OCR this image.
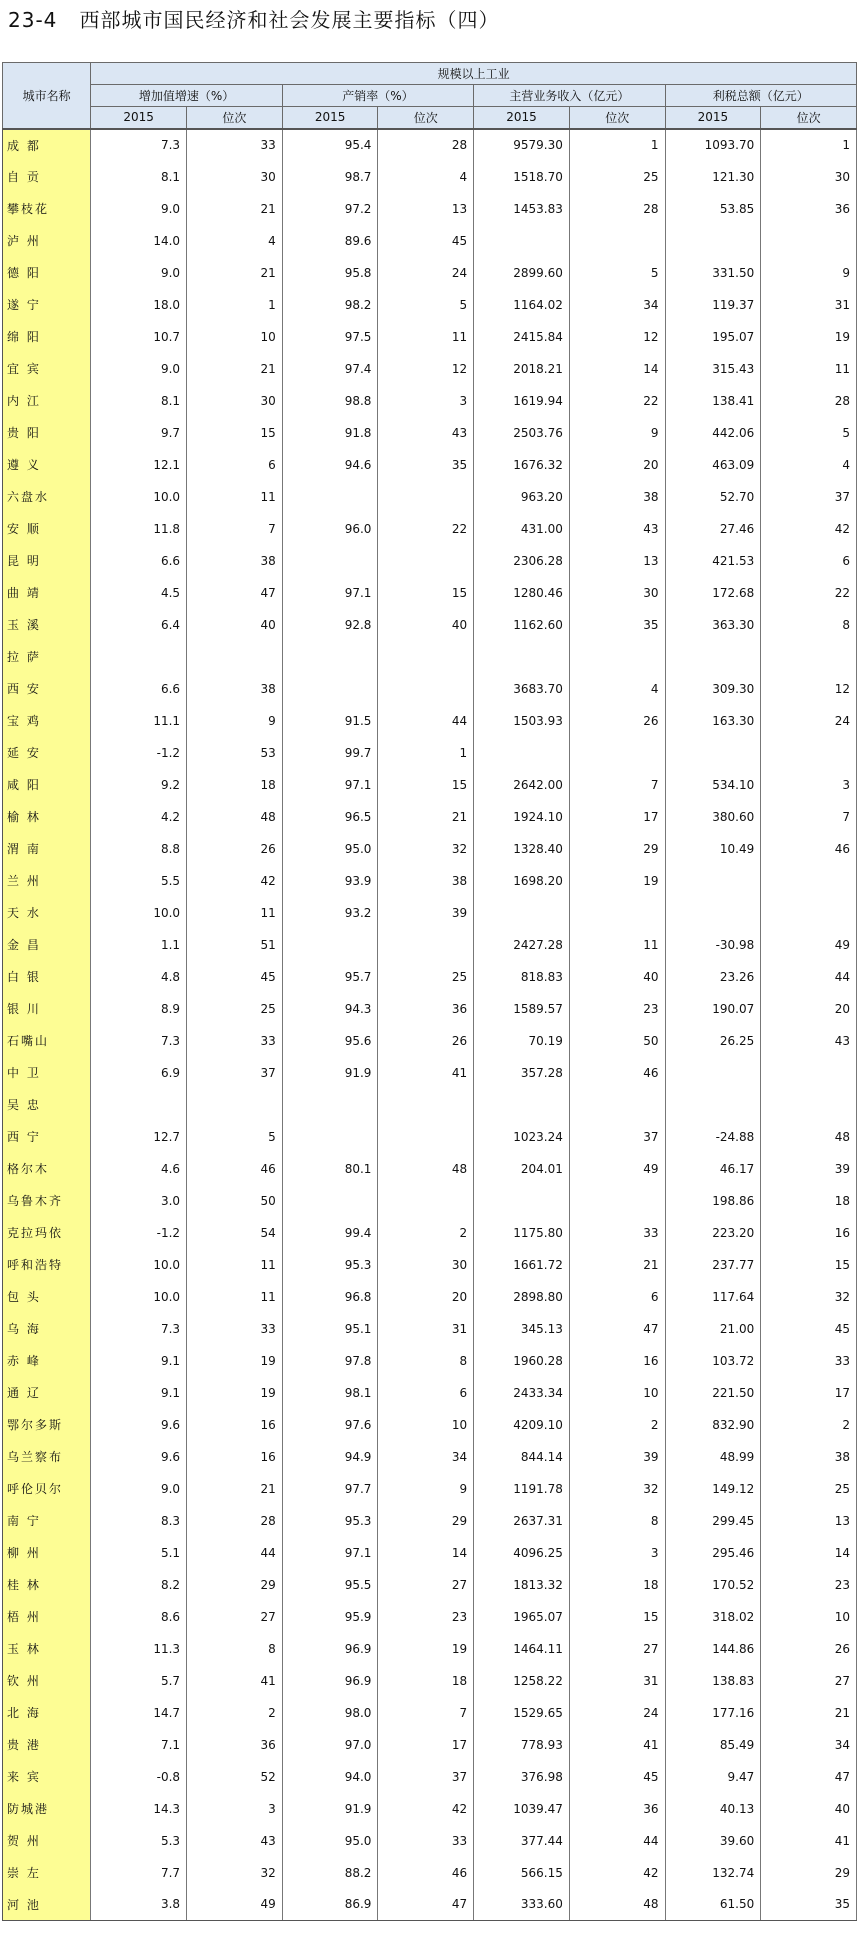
23-4   西部城市国民经济和社会发展主要指标（四）
城市名称	规模以上工业							
	增加值增速（%）		产销率（%）		主营业务收入（亿元）		利税总额（亿元）	
	2015	位次	2015	位次	2015	位次	2015	位次
成 都	7.3	33	95.4	28	9579.30	1	1093.70	1
自 贡	8.1	30	98.7	4	1518.70	25	121.30	30
攀枝花	9.0	21	97.2	13	1453.83	28	53.85	36
泸 州	14.0	4	89.6	45				
德 阳	9.0	21	95.8	24	2899.60	5	331.50	9
遂 宁	18.0	1	98.2	5	1164.02	34	119.37	31
绵 阳	10.7	10	97.5	11	2415.84	12	195.07	19
宜 宾	9.0	21	97.4	12	2018.21	14	315.43	11
内 江	8.1	30	98.8	3	1619.94	22	138.41	28
贵 阳	9.7	15	91.8	43	2503.76	9	442.06	5
遵 义	12.1	6	94.6	35	1676.32	20	463.09	4
六盘水	10.0	11			963.20	38	52.70	37
安 顺	11.8	7	96.0	22	431.00	43	27.46	42
昆 明	6.6	38			2306.28	13	421.53	6
曲 靖	4.5	47	97.1	15	1280.46	30	172.68	22
玉 溪	6.4	40	92.8	40	1162.60	35	363.30	8
拉 萨								
西 安	6.6	38			3683.70	4	309.30	12
宝 鸡	11.1	9	91.5	44	1503.93	26	163.30	24
延 安	-1.2	53	99.7	1				
咸 阳	9.2	18	97.1	15	2642.00	7	534.10	3
榆 林	4.2	48	96.5	21	1924.10	17	380.60	7
渭 南	8.8	26	95.0	32	1328.40	29	10.49	46
兰 州	5.5	42	93.9	38	1698.20	19		
天 水	10.0	11	93.2	39				
金 昌	1.1	51			2427.28	11	-30.98	49
白 银	4.8	45	95.7	25	818.83	40	23.26	44
银 川	8.9	25	94.3	36	1589.57	23	190.07	20
石嘴山	7.3	33	95.6	26	70.19	50	26.25	43
中 卫	6.9	37	91.9	41	357.28	46		
吴 忠								
西 宁	12.7	5			1023.24	37	-24.88	48
格尔木	4.6	46	80.1	48	204.01	49	46.17	39
乌鲁木齐	3.0	50					198.86	18
克拉玛依	-1.2	54	99.4	2	1175.80	33	223.20	16
呼和浩特	10.0	11	95.3	30	1661.72	21	237.77	15
包 头	10.0	11	96.8	20	2898.80	6	117.64	32
乌 海	7.3	33	95.1	31	345.13	47	21.00	45
赤 峰	9.1	19	97.8	8	1960.28	16	103.72	33
通 辽	9.1	19	98.1	6	2433.34	10	221.50	17
鄂尔多斯	9.6	16	97.6	10	4209.10	2	832.90	2
乌兰察布	9.6	16	94.9	34	844.14	39	48.99	38
呼伦贝尔	9.0	21	97.7	9	1191.78	32	149.12	25
南 宁	8.3	28	95.3	29	2637.31	8	299.45	13
柳 州	5.1	44	97.1	14	4096.25	3	295.46	14
桂 林	8.2	29	95.5	27	1813.32	18	170.52	23
梧 州	8.6	27	95.9	23	1965.07	15	318.02	10
玉 林	11.3	8	96.9	19	1464.11	27	144.86	26
钦 州	5.7	41	96.9	18	1258.22	31	138.83	27
北 海	14.7	2	98.0	7	1529.65	24	177.16	21
贵 港	7.1	36	97.0	17	778.93	41	85.49	34
来 宾	-0.8	52	94.0	37	376.98	45	9.47	47
防城港	14.3	3	91.9	42	1039.47	36	40.13	40
贺 州	5.3	43	95.0	33	377.44	44	39.60	41
崇 左	7.7	32	88.2	46	566.15	42	132.74	29
河 池	3.8	49	86.9	47	333.60	48	61.50	35
